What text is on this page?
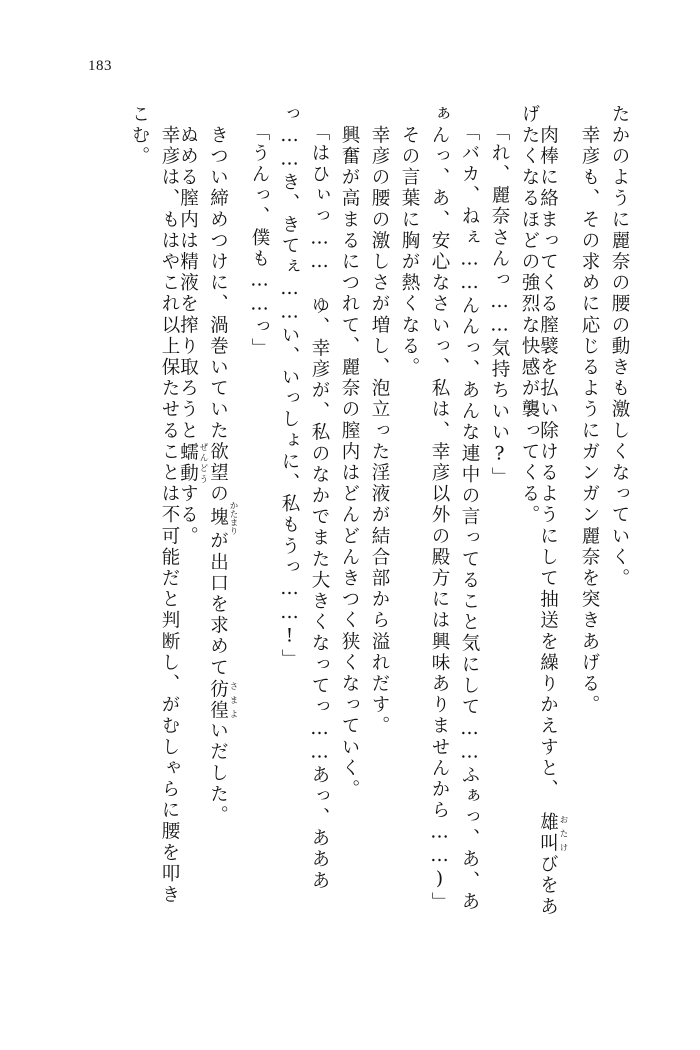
183
たかのように麗奈の腰の動きも激しくなっていく。
　幸彦も、その求めに応じるようにガンガン麗奈を突きあげる。
　肉棒に絡まってくる膣襞を払い除けるようにして抽送を繰りかえすと、　雄叫 おたけびをあ
げたくなるほどの強烈な快感が襲ってくる。
「れ、麗奈さんっ……気持ちいい?」
「バカ、ねぇ……んんっ、あんな連中の言ってること気にして……ふぁっ、あ、あ
ぁんっ、あ、安心なさいっ、私は、幸彦以外の殿方には興味ありませんから……)」
　その言葉に胸が熱くなる。
　幸彦の腰の激しさが増し、泡立った淫液が結合部から溢れだす。
　興奮が高まるにつれて、麗奈の膣内はどんどんきつく狭くなっていく。
「はひぃっ……　ゆ、幸彦が、私のなかでまた大きくなってっ……あっ、あああ
っ……き、きてぇ……い、いっしょに、私もうっ……!」
「うんっ、僕も……っ」
　きつい締めつけに、渦巻いていた欲望の塊 かたまりが出口を求めて彷徨 さまよいだした。
　ぬめる膣内は精液を搾り取ろうと蠕動 ぜんどうする。
　幸彦は、もはやこれ以上保たせることは不可能だと判断し、がむしゃらに腰を叩き
こむ。
